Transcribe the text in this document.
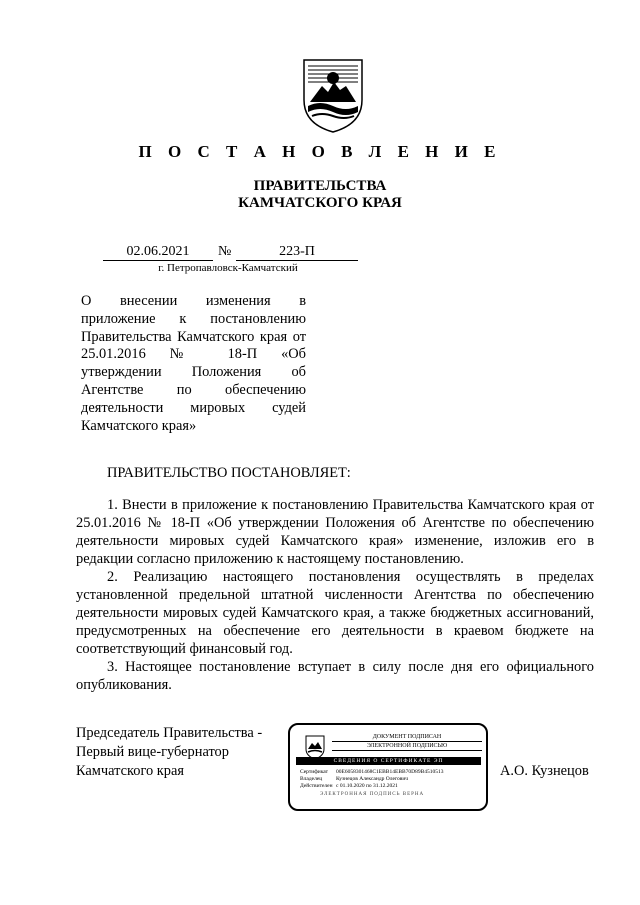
П О С Т А Н О В Л Е Н И Е
ПРАВИТЕЛЬСТВА
КАМЧАТСКОГО КРАЯ
02.06.2021	№	223-П
г. Петропавловск-Камчатский
О внесении изменения в приложение к постановлению Правительства Камчатского края от 25.01.2016 № 18-П «Об утверждении Положения об Агентстве по обеспечению деятельности мировых судей Камчатского края»
ПРАВИТЕЛЬСТВО ПОСТАНОВЛЯЕТ:

1. Внести в приложение к постановлению Правительства Камчатского края от 25.01.2016 № 18-П «Об утверждении Положения об Агентстве по обеспечению деятельности мировых судей Камчатского края» изменение, изложив его в редакции согласно приложению к настоящему постановлению.

2. Реализацию настоящего постановления осуществлять в пределах установленной предельной штатной численности Агентства по обеспечению деятельности мировых судей Камчатского края, а также бюджетных ассигнований, предусмотренных на обеспечение его деятельности в краевом бюджете на соответствующий финансовый год.

3. Настоящее постановление вступает в силу после дня его официального опубликования.

Председатель Правительства -
Первый вице-губернатор
Камчатского края	А.О. Кузнецов
ДОКУМЕНТ ПОДПИСАН
ЭЛЕКТРОННОЙ ПОДПИСЬЮ
СВЕДЕНИЯ О СЕРТИФИКАТЕ ЭП
Сертификат 00E6058301468C1EBB14EBB70D89B4510513
Владелец	Кузнецов Александр Олегович
Действителен с 01.10.2020 по 31.12.2021
ЭЛЕКТРОННАЯ ПОДПИСЬ ВЕРНА
